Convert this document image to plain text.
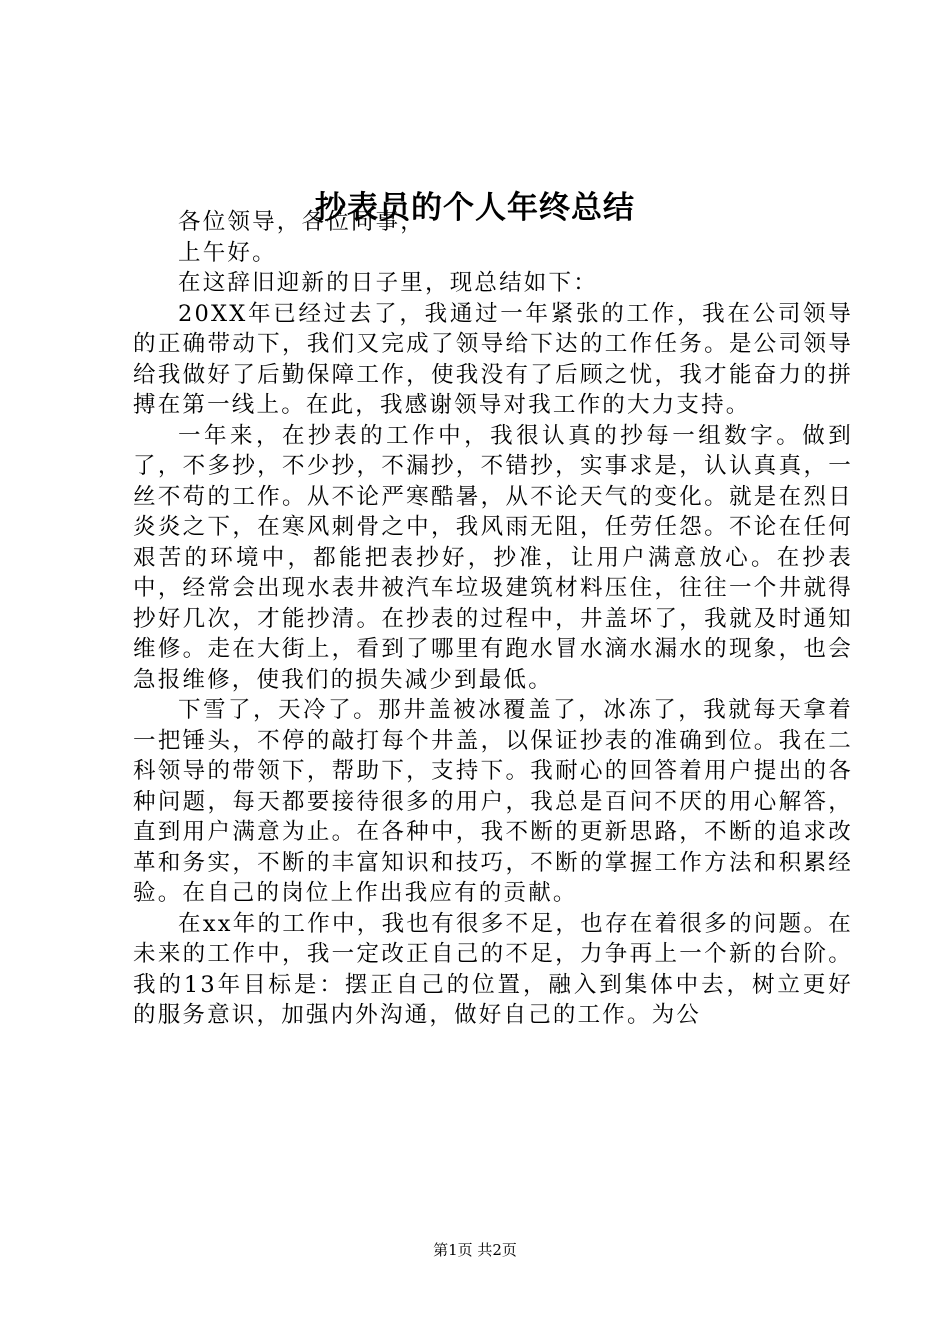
抄表员的个人年终总结

各位领导，各位同事，

上午好。

在这辞旧迎新的日子里，现总结如下：

20XX年已经过去了，我通过一年紧张的工作，我在公司领导的正确带动下，我们又完成了领导给下达的工作任务。是公司领导给我做好了后勤保障工作，使我没有了后顾之忧，我才能奋力的拼搏在第一线上。在此，我感谢领导对我工作的大力支持。

一年来，在抄表的工作中，我很认真的抄每一组数字。做到了，不多抄，不少抄，不漏抄，不错抄，实事求是，认认真真，一丝不苟的工作。从不论严寒酷暑，从不论天气的变化。就是在烈日炎炎之下，在寒风刺骨之中，我风雨无阻，任劳任怨。不论在任何艰苦的环境中，都能把表抄好，抄准，让用户满意放心。在抄表中，经常会出现水表井被汽车垃圾建筑材料压住，往往一个井就得抄好几次，才能抄清。在抄表的过程中，井盖坏了，我就及时通知维修。走在大街上，看到了哪里有跑水冒水滴水漏水的现象，也会急报维修，使我们的损失减少到最低。

下雪了，天冷了。那井盖被冰覆盖了，冰冻了，我就每天拿着一把锤头，不停的敲打每个井盖，以保证抄表的准确到位。我在二科领导的带领下，帮助下，支持下。我耐心的回答着用户提出的各种问题，每天都要接待很多的用户，我总是百问不厌的用心解答，直到用户满意为止。在各种中，我不断的更新思路，不断的追求改革和务实，不断的丰富知识和技巧，不断的掌握工作方法和积累经验。在自己的岗位上作出我应有的贡献。

在xx年的工作中，我也有很多不足，也存在着很多的问题。在未来的工作中，我一定改正自己的不足，力争再上一个新的台阶。我的13年目标是：摆正自己的位置，融入到集体中去，树立更好的服务意识，加强内外沟通，做好自己的工作。为公

第1页 共2页
